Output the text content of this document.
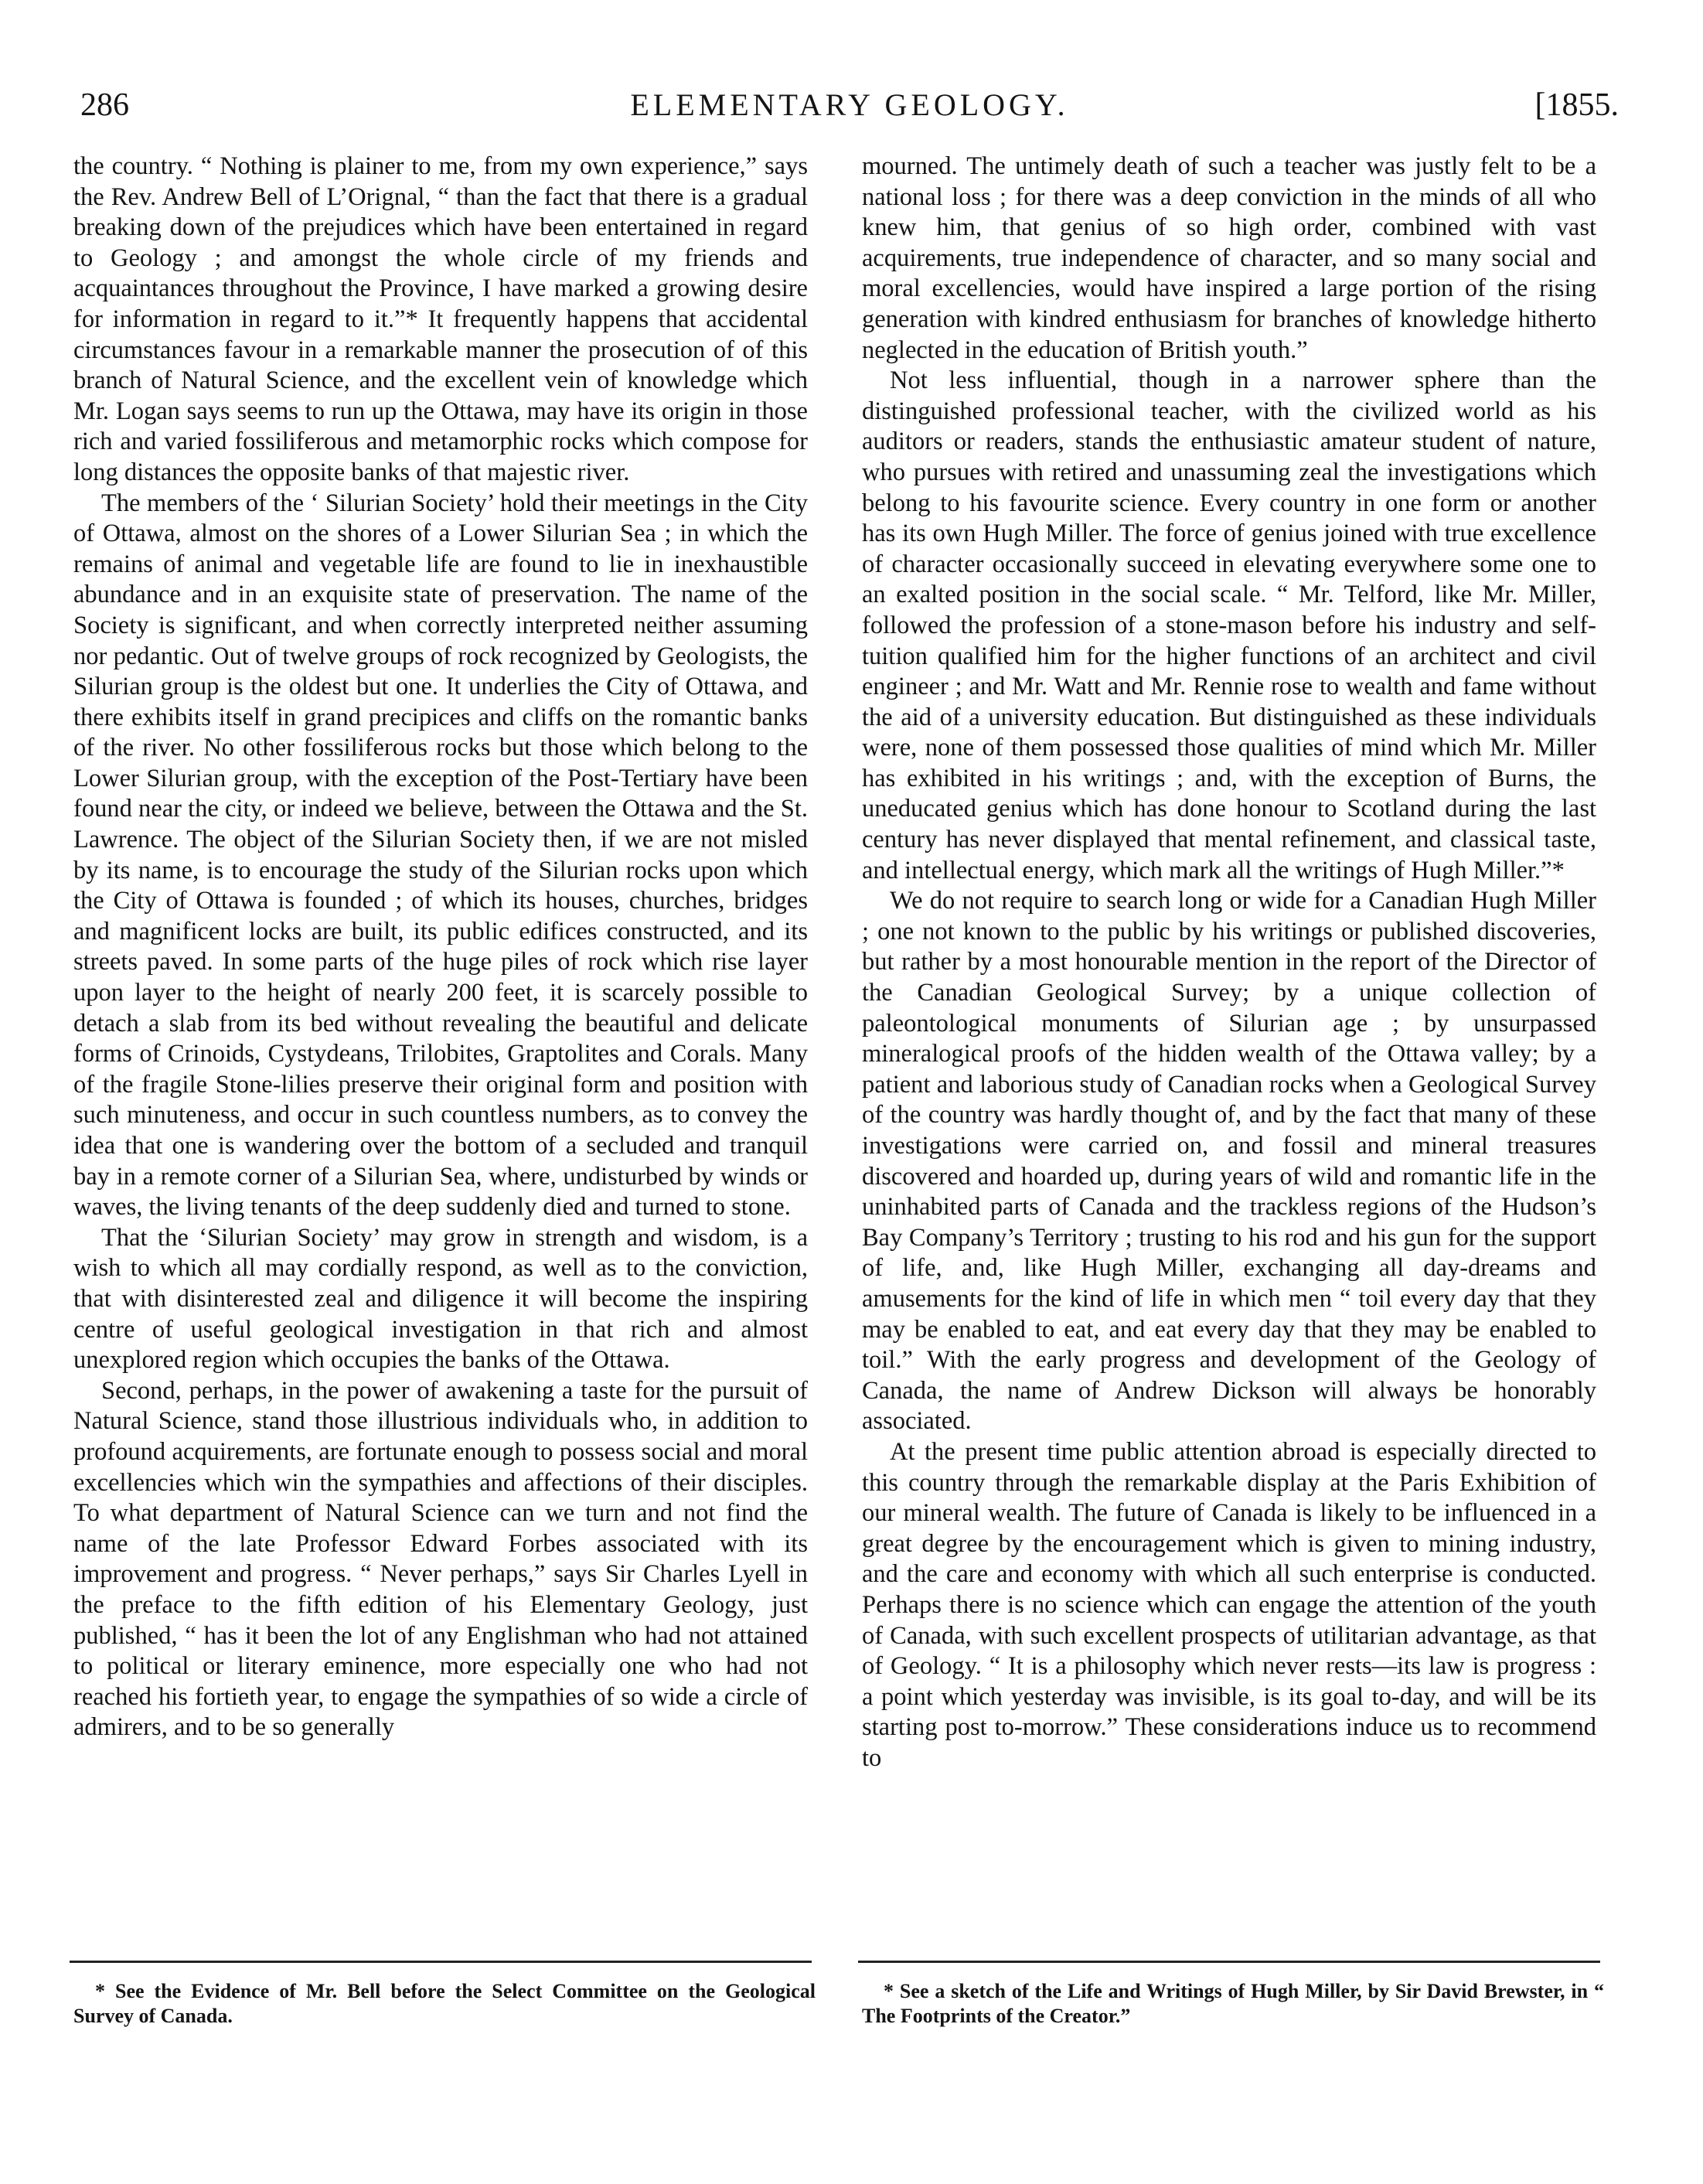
286	ELEMENTARY GEOLOGY.	[1855.

the country. “ Nothing is plainer to me, from my own experience,” says the Rev. Andrew Bell of L’Orignal, “ than the fact that there is a gradual breaking down of the prejudices which have been entertained in regard to Geology ; and amongst the whole circle of my friends and acquaintances throughout the Province, I have marked a growing desire for information in regard to it.”* It frequently happens that accidental circumstances favour in a remarkable manner the prosecution of of this branch of Natural Science, and the excellent vein of knowledge which Mr. Logan says seems to run up the Ottawa, may have its origin in those rich and varied fossiliferous and metamorphic rocks which compose for long distances the opposite banks of that majestic river.

The members of the ‘ Silurian Society’ hold their meetings in the City of Ottawa, almost on the shores of a Lower Silurian Sea ; in which the remains of animal and vegetable life are found to lie in inexhaustible abundance and in an exquisite state of preservation. The name of the Society is significant, and when correctly interpreted neither assuming nor pedantic. Out of twelve groups of rock recognized by Geologists, the Silurian group is the oldest but one. It underlies the City of Ottawa, and there exhibits itself in grand precipices and cliffs on the romantic banks of the river. No other fossiliferous rocks but those which belong to the Lower Silurian group, with the exception of the Post-Tertiary have been found near the city, or indeed we believe, between the Ottawa and the St. Lawrence. The object of the Silurian Society then, if we are not misled by its name, is to encourage the study of the Silurian rocks upon which the City of Ottawa is founded ; of which its houses, churches, bridges and magnificent locks are built, its public edifices constructed, and its streets paved. In some parts of the huge piles of rock which rise layer upon layer to the height of nearly 200 feet, it is scarcely possible to detach a slab from its bed without revealing the beautiful and delicate forms of Crinoids, Cystydeans, Trilobites, Graptolites and Corals. Many of the fragile Stone-lilies preserve their original form and position with such minuteness, and occur in such countless numbers, as to convey the idea that one is wandering over the bottom of a secluded and tranquil bay in a remote corner of a Silurian Sea, where, undisturbed by winds or waves, the living tenants of the deep suddenly died and turned to stone.

That the ‘Silurian Society’ may grow in strength and wisdom, is a wish to which all may cordially respond, as well as to the conviction, that with disinterested zeal and diligence it will become the inspiring centre of useful geological investigation in that rich and almost unexplored region which occupies the banks of the Ottawa.

Second, perhaps, in the power of awakening a taste for the pursuit of Natural Science, stand those illustrious individuals who, in addition to profound acquirements, are fortunate enough to possess social and moral excellencies which win the sympathies and affections of their disciples. To what department of Natural Science can we turn and not find the name of the late Professor Edward Forbes associated with its improvement and progress. “ Never perhaps,” says Sir Charles Lyell in the preface to the fifth edition of his Elementary Geology, just published, “ has it been the lot of any Englishman who had not attained to political or literary eminence, more especially one who had not reached his fortieth year, to engage the sympathies of so wide a circle of admirers, and to be so generally

mourned. The untimely death of such a teacher was justly felt to be a national loss ; for there was a deep conviction in the minds of all who knew him, that genius of so high order, combined with vast acquirements, true independence of character, and so many social and moral excellencies, would have inspired a large portion of the rising generation with kindred enthusiasm for branches of knowledge hitherto neglected in the education of British youth.”

Not less influential, though in a narrower sphere than the distinguished professional teacher, with the civilized world as his auditors or readers, stands the enthusiastic amateur student of nature, who pursues with retired and unassuming zeal the investigations which belong to his favourite science. Every country in one form or another has its own Hugh Miller. The force of genius joined with true excellence of character occasionally succeed in elevating everywhere some one to an exalted position in the social scale. “ Mr. Telford, like Mr. Miller, followed the profession of a stone-mason before his industry and self-tuition qualified him for the higher functions of an architect and civil engineer ; and Mr. Watt and Mr. Rennie rose to wealth and fame without the aid of a university education. But distinguished as these individuals were, none of them possessed those qualities of mind which Mr. Miller has exhibited in his writings ; and, with the exception of Burns, the uneducated genius which has done honour to Scotland during the last century has never displayed that mental refinement, and classical taste, and intellectual energy, which mark all the writings of Hugh Miller.”*

We do not require to search long or wide for a Canadian Hugh Miller ; one not known to the public by his writings or published discoveries, but rather by a most honourable mention in the report of the Director of the Canadian Geological Survey; by a unique collection of paleontological monuments of Silurian age ; by unsurpassed mineralogical proofs of the hidden wealth of the Ottawa valley; by a patient and laborious study of Canadian rocks when a Geological Survey of the country was hardly thought of, and by the fact that many of these investigations were carried on, and fossil and mineral treasures discovered and hoarded up, during years of wild and romantic life in the uninhabited parts of Canada and the trackless regions of the Hudson’s Bay Company’s Territory ; trusting to his rod and his gun for the support of life, and, like Hugh Miller, exchanging all day-dreams and amusements for the kind of life in which men “ toil every day that they may be enabled to eat, and eat every day that they may be enabled to toil.” With the early progress and development of the Geology of Canada, the name of Andrew Dickson will always be honorably associated.

At the present time public attention abroad is especially directed to this country through the remarkable display at the Paris Exhibition of our mineral wealth. The future of Canada is likely to be influenced in a great degree by the encouragement which is given to mining industry, and the care and economy with which all such enterprise is conducted. Perhaps there is no science which can engage the attention of the youth of Canada, with such excellent prospects of utilitarian advantage, as that of Geology. “ It is a philosophy which never rests—its law is progress : a point which yesterday was invisible, is its goal to-day, and will be its starting post to-morrow.” These considerations induce us to recommend to

* See the Evidence of Mr. Bell before the Select Committee on the Geological Survey of Canada.

* See a sketch of the Life and Writings of Hugh Miller, by Sir David Brewster, in “ The Footprints of the Creator.”
